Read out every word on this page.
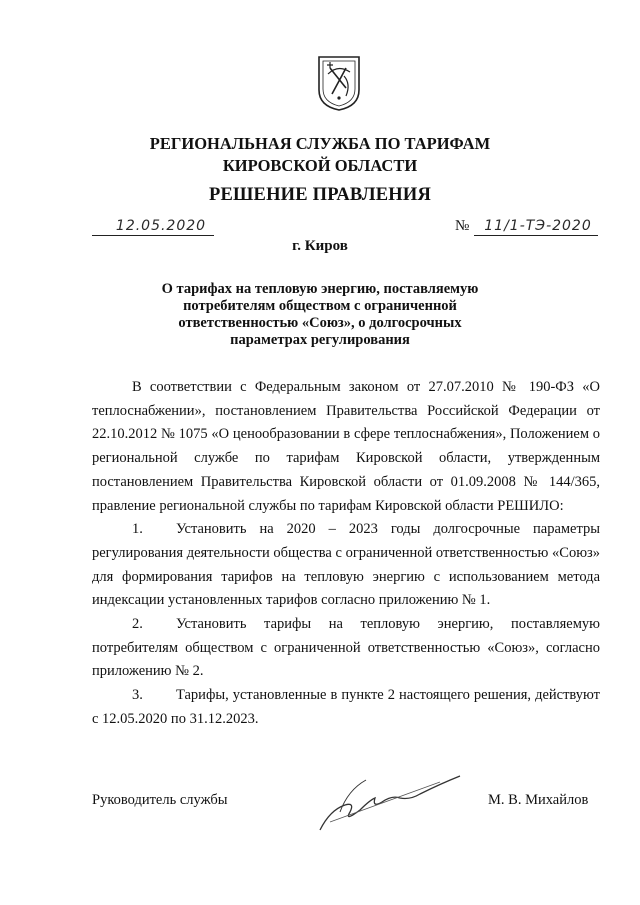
РЕГИОНАЛЬНАЯ СЛУЖБА ПО ТАРИФАМ
КИРОВСКОЙ ОБЛАСТИ
РЕШЕНИЕ ПРАВЛЕНИЯ
12.05.2020	№	11/1-ТЭ-2020
г. Киров
О тарифах на тепловую энергию, поставляемую
потребителям обществом с ограниченной
ответственностью «Союз», о долгосрочных
параметрах регулирования

В соответствии с Федеральным законом от 27.07.2010 № 190-ФЗ «О теплоснабжении», постановлением Правительства Российской Федерации от 22.10.2012 № 1075 «О ценообразовании в сфере теплоснабжения», Положением о региональной службе по тарифам Кировской области, утвержденным постановлением Правительства Кировской области от 01.09.2008 № 144/365, правление региональной службы по тарифам Кировской области РЕШИЛО:

1. Установить на 2020 – 2023 годы долгосрочные параметры регулирования деятельности общества с ограниченной ответственностью «Союз» для формирования тарифов на тепловую энергию с использованием метода индексации установленных тарифов согласно приложению № 1.

2. Установить тарифы на тепловую энергию, поставляемую потребителям обществом с ограниченной ответственностью «Союз», согласно приложению № 2.

3. Тарифы, установленные в пункте 2 настоящего решения, действуют с 12.05.2020 по 31.12.2023.

Руководитель службы	М. В. Михайлов
